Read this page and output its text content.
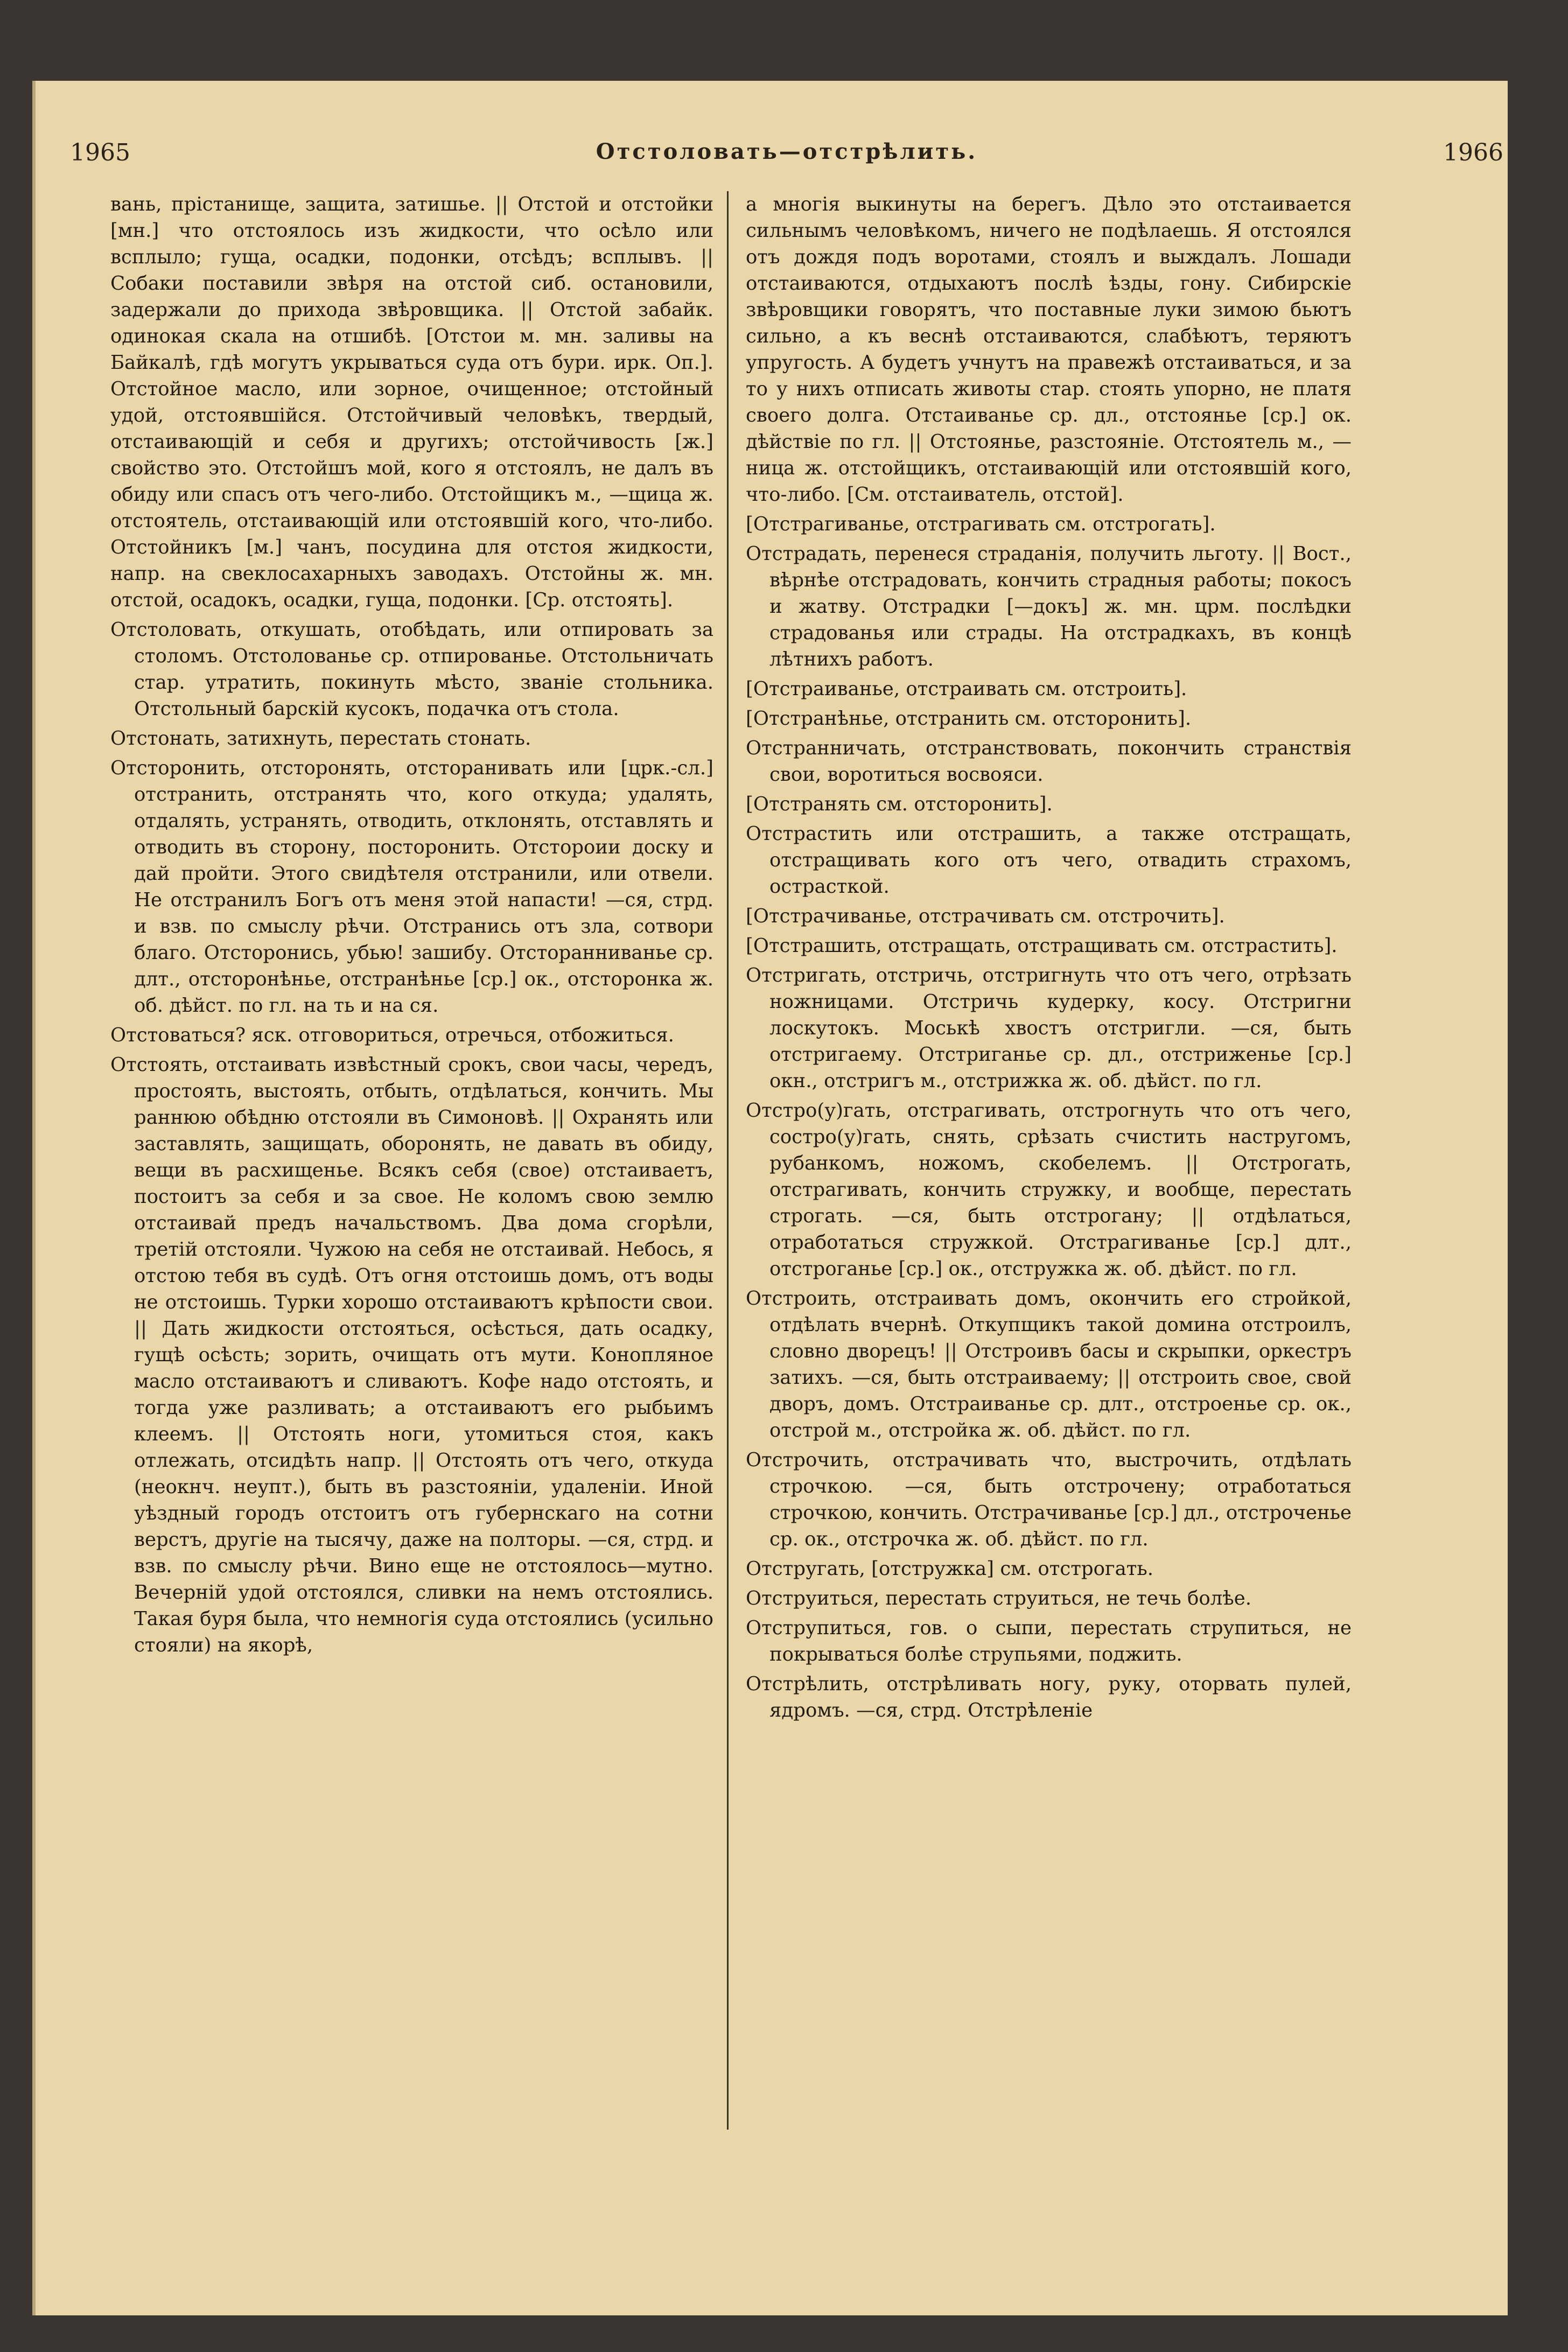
1965	Отстоловать—отстрѣлить.	1966

вань, прістанище, защита, затишье. || Отстой и отстойки [мн.] что отстоялось изъ жидкости, что осѣло или всплыло; гуща, осадки, подонки, отсѣдъ; всплывъ. || Собаки поставили звѣря на отстой сиб. остановили, задержали до прихода звѣровщика. || Отстой забайк. одинокая скала на отшибѣ. [Отстои м. мн. заливы на Байкалѣ, гдѣ могутъ укрываться суда отъ бури. ирк. Оп.]. Отстойное масло, или зорное, очищенное; отстойный удой, отстоявшійся. Отстойчивый человѣкъ, твердый, отстаивающій и себя и другихъ; отстойчивость [ж.] свойство это. Отстойшъ мой, кого я отстоялъ, не далъ въ обиду или спасъ отъ чего-либо. Отстойщикъ м., —щица ж. отстоятель, отстаивающій или отстоявшій кого, что-либо. Отстойникъ [м.] чанъ, посудина для отстоя жидкости, напр. на свеклосахарныхъ заводахъ. Отстойны ж. мн. отстой, осадокъ, осадки, гуща, подонки. [Ср. отстоять].

Отстоловать, откушать, отобѣдать, или отпировать за столомъ. Отстолованье ср. отпированье. Отстольничать стар. утратить, покинуть мѣсто, званіе стольника. Отстольный барскій кусокъ, подачка отъ стола.

Отстонать, затихнуть, перестать стонать.

Отсторонить, отсторонять, отсторанивать или [црк.-сл.] отстранить, отстранять что, кого откуда; удалять, отдалять, устранять, отводить, отклонять, отставлять и отводить въ сторону, посторонить. Отстороии доску и дай пройти. Этого свидѣтеля отстранили, или отвели. Не отстранилъ Богъ отъ меня этой напасти! —ся, стрд. и взв. по смыслу рѣчи. Отстранись отъ зла, сотвори благо. Отсторонись, убью! зашибу. Отсторанниванье ср. длт., отсторонѣнье, отстранѣнье [ср.] ок., отсторонка ж. об. дѣйст. по гл. на ть и на ся.

Отстоваться? яск. отговориться, отречься, отбожиться.

Отстоять, отстаивать извѣстный срокъ, свои часы, чередъ, простоять, выстоять, отбыть, отдѣлаться, кончить. Мы раннюю обѣдню отстояли въ Симоновѣ. || Охранять или заставлять, защищать, оборонять, не давать въ обиду, вещи въ расхищенье. Всякъ себя (свое) отстаиваетъ, постоитъ за себя и за свое. Не коломъ свою землю отстаивай предъ начальствомъ. Два дома сгорѣли, третій отстояли. Чужою на себя не отстаивай. Небось, я отстою тебя въ судѣ. Отъ огня отстоишь домъ, отъ воды не отстоишь. Турки хорошо отстаиваютъ крѣпости свои. || Дать жидкости отстояться, осѣсться, дать осадку, гущѣ осѣсть; зорить, очищать отъ мути. Конопляное масло отстаиваютъ и сливаютъ. Кофе надо отстоять, и тогда уже разливать; а отстаиваютъ его рыбьимъ клеемъ. || Отстоять ноги, утомиться стоя, какъ отлежать, отсидѣть напр. || Отстоять отъ чего, откуда (неокнч. неупт.), быть въ разстояніи, удаленіи. Иной уѣздный городъ отстоитъ отъ губернскаго на сотни верстъ, другіе на тысячу, даже на полторы. —ся, стрд. и взв. по смыслу рѣчи. Вино еще не отстоялось—мутно. Вечерній удой отстоялся, сливки на немъ отстоялись. Такая буря была, что немногія суда отстоялись (усильно стояли) на якорѣ,

а многія выкинуты на берегъ. Дѣло это отстаивается сильнымъ человѣкомъ, ничего не подѣлаешь. Я отстоялся отъ дождя подъ воротами, стоялъ и выждалъ. Лошади отстаиваются, отдыхаютъ послѣ ѣзды, гону. Сибирскіе звѣровщики говорятъ, что поставные луки зимою бьютъ сильно, а къ веснѣ отстаиваются, слабѣютъ, теряютъ упругость. А будетъ учнутъ на правежѣ отстаиваться, и за то у нихъ отписать животы стар. стоять упорно, не платя своего долга. Отстаиванье ср. дл., отстоянье [ср.] ок. дѣйствіе по гл. || Отстоянье, разстояніе. Отстоятель м., —ница ж. отстойщикъ, отстаивающій или отстоявшій кого, что-либо. [См. отстаиватель, отстой].

[Отстрагиванье, отстрагивать см. отстрогать].

Отстрадать, перенеся страданія, получить льготу. || Вост., вѣрнѣе отстрадовать, кончить страдныя работы; покосъ и жатву. Отстрадки [—докъ] ж. мн. црм. послѣдки страдованья или страды. На отстрадкахъ, въ концѣ лѣтнихъ работъ.

[Отстраиванье, отстраивать см. отстроить].

[Отстранѣнье, отстранить см. отсторонить].

Отстранничать, отстранствовать, покончить странствія свои, воротиться восвояси.

[Отстранять см. отсторонить].

Отстрастить или отстрашить, а также отстращать, отстращивать кого отъ чего, отвадить страхомъ, острасткой.

[Отстрачиванье, отстрачивать см. отстрочить].

[Отстрашить, отстращать, отстращивать см. отстрастить].

Отстригать, отстричь, отстригнуть что отъ чего, отрѣзать ножницами. Отстричь кудерку, косу. Отстригни лоскутокъ. Моськѣ хвостъ отстригли. —ся, быть отстригаему. Отстриганье ср. дл., отстриженье [ср.] окн., отстригъ м., отстрижка ж. об. дѣйст. по гл.

Отстро(у)гать, отстрагивать, отстрогнуть что отъ чего, состро(у)гать, снять, срѣзать счистить настругомъ, рубанкомъ, ножомъ, скобелемъ. || Отстрогать, отстрагивать, кончить стружку, и вообще, перестать строгать. —ся, быть отстрогану; || отдѣлаться, отработаться стружкой. Отстрагиванье [ср.] длт., отстроганье [ср.] ок., отстружка ж. об. дѣйст. по гл.

Отстроить, отстраивать домъ, окончить его стройкой, отдѣлать вчернѣ. Откупщикъ такой домина отстроилъ, словно дворецъ! || Отстроивъ басы и скрыпки, оркестръ затихъ. —ся, быть отстраиваему; || отстроить свое, свой дворъ, домъ. Отстраиванье ср. длт., отстроенье ср. ок., отстрой м., отстройка ж. об. дѣйст. по гл.

Отстрочить, отстрачивать что, выстрочить, отдѣлать строчкою. —ся, быть отстрочену; отработаться строчкою, кончить. Отстрачиванье [ср.] дл., отстроченье ср. ок., отстрочка ж. об. дѣйст. по гл.

Отстругать, [отстружка] см. отстрогать.

Отструиться, перестать струиться, не течь болѣе.

Отструпиться, гов. о сыпи, перестать струпиться, не покрываться болѣе струпьями, поджить.

Отстрѣлить, отстрѣливать ногу, руку, оторвать пулей, ядромъ. —ся, стрд. Отстрѣленіе
